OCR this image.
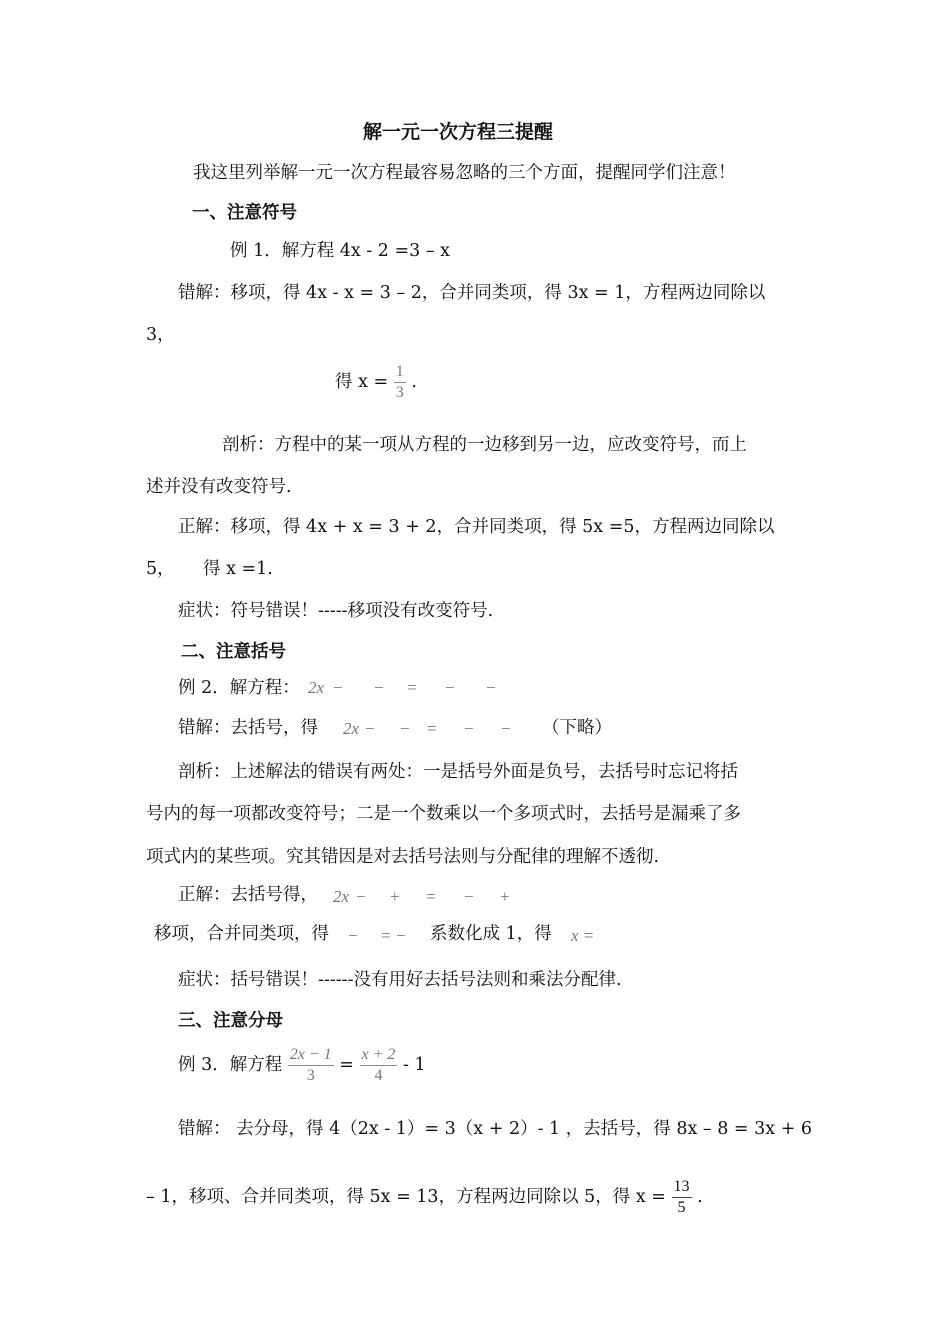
解一元一次方程三提醒
我这里列举解一元一次方程最容易忽略的三个方面，提醒同学们注意！
一、注意符号
例 1．解方程 4x - 2 =3 – x
错解：移项，得 4x - x = 3 – 2，合并同类项，得 3x = 1，方程两边同除以
3，
得 $x = \frac{1}{3}$ .
剖析：方程中的某一项从方程的一边移到另一边，应改变符号，而上
述并没有改变符号.
正解：移项，得 4x + x = 3 + 2，合并同类项，得 5x =5，方程两边同除以
5， 得 x =1.
症状：符号错误！-----移项没有改变符号.
二、注意括号
例 2．解方程： 2x − − = − −
错解：去括号，得 2x − − = − − （下略）
剖析：上述解法的错误有两处：一是括号外面是负号，去括号时忘记将括
号内的每一项都改变符号；二是一个数乘以一个多项式时，去括号是漏乘了多
项式内的某些项。究其错因是对去括号法则与分配律的理解不透彻.
正解：去括号得， 2x − + = − +
移项，合并同类项，得 − = − 系数化成 1，得 x =
症状：括号错误！------没有用好去括号法则和乘法分配律.
三、注意分母
例 3．解方程 $\frac{2x - 1}{3} = \frac{x + 2}{4} - 1$
错解： 去分母，得 4（2x - 1）= 3（x + 2）- 1 ，去括号，得 8x – 8 = 3x + 6
– 1，移项、合并同类项，得 5x = 13，方程两边同除以 5，得 $x = \frac{13}{5}$ .
